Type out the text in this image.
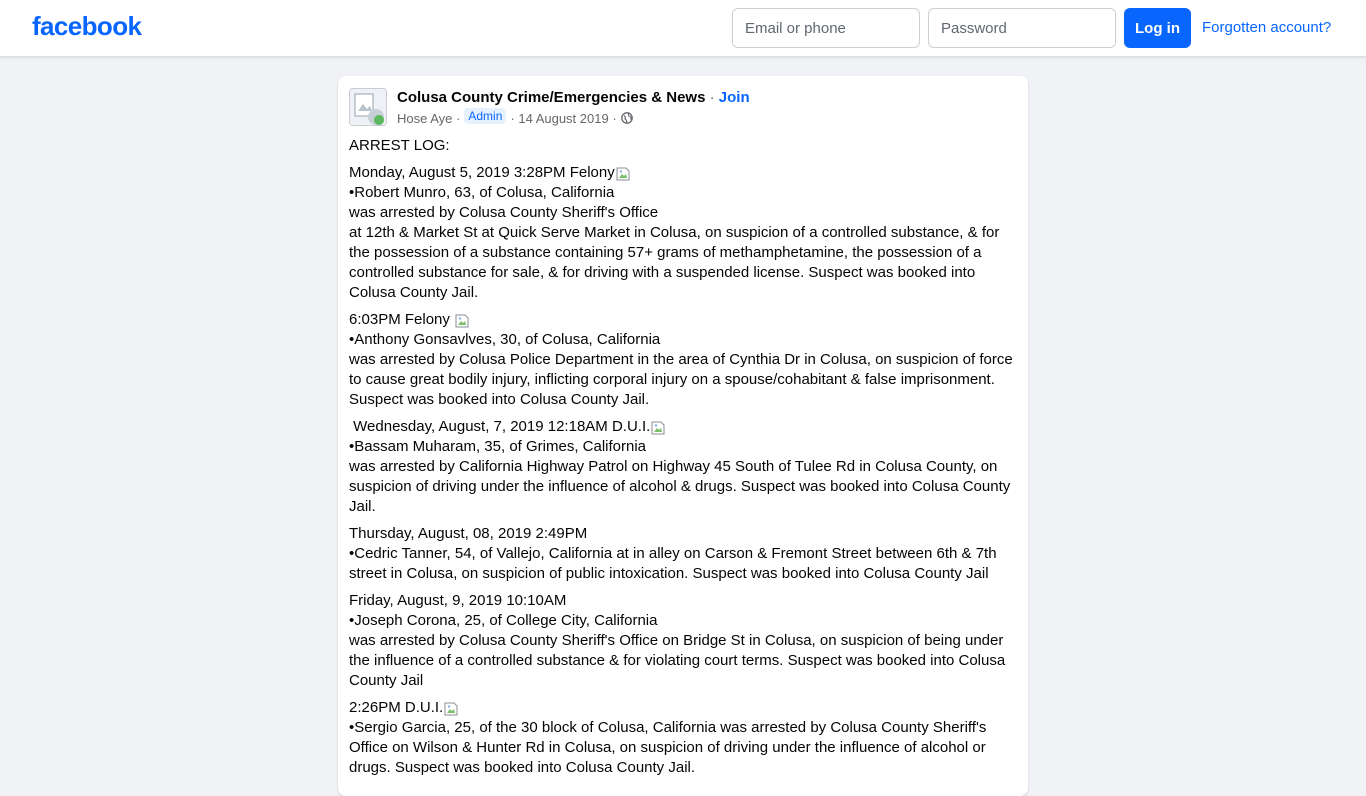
facebook
Email or phone	Log in	Forgotten account?
Colusa County Crime/Emergencies & News · Join
Hose Aye · Admin · 14 August 2019 ·

ARREST LOG:

Monday, August 5, 2019 3:28PM Felony
•Robert Munro, 63, of Colusa, California
was arrested by Colusa County Sheriff's Office
at 12th & Market St at Quick Serve Market in Colusa, on suspicion of a controlled substance, & for the possession of a substance containing 57+ grams of methamphetamine, the possession of a controlled substance for sale, & for driving with a suspended license. Suspect was booked into Colusa County Jail.

6:03PM Felony
•Anthony Gonsavlves, 30, of Colusa, California
was arrested by Colusa Police Department in the area of Cynthia Dr in Colusa, on suspicion of force to cause great bodily injury, inflicting corporal injury on a spouse/cohabitant & false imprisonment. Suspect was booked into Colusa County Jail.

Wednesday, August, 7, 2019 12:18AM D.U.I.
•Bassam Muharam, 35, of Grimes, California
was arrested by California Highway Patrol on Highway 45 South of Tulee Rd in Colusa County, on suspicion of driving under the influence of alcohol & drugs. Suspect was booked into Colusa County Jail.

Thursday, August, 08, 2019 2:49PM
•Cedric Tanner, 54, of Vallejo, California at in alley on Carson & Fremont Street between 6th & 7th street in Colusa, on suspicion of public intoxication. Suspect was booked into Colusa County Jail

Friday, August, 9, 2019 10:10AM
•Joseph Corona, 25, of College City, California
was arrested by Colusa County Sheriff's Office on Bridge St in Colusa, on suspicion of being under the influence of a controlled substance & for violating court terms. Suspect was booked into Colusa County Jail

2:26PM D.U.I.
•Sergio Garcia, 25, of the 30 block of Colusa, California was arrested by Colusa County Sheriff's Office on Wilson & Hunter Rd in Colusa, on suspicion of driving under the influence of alcohol or drugs. Suspect was booked into Colusa County Jail.
